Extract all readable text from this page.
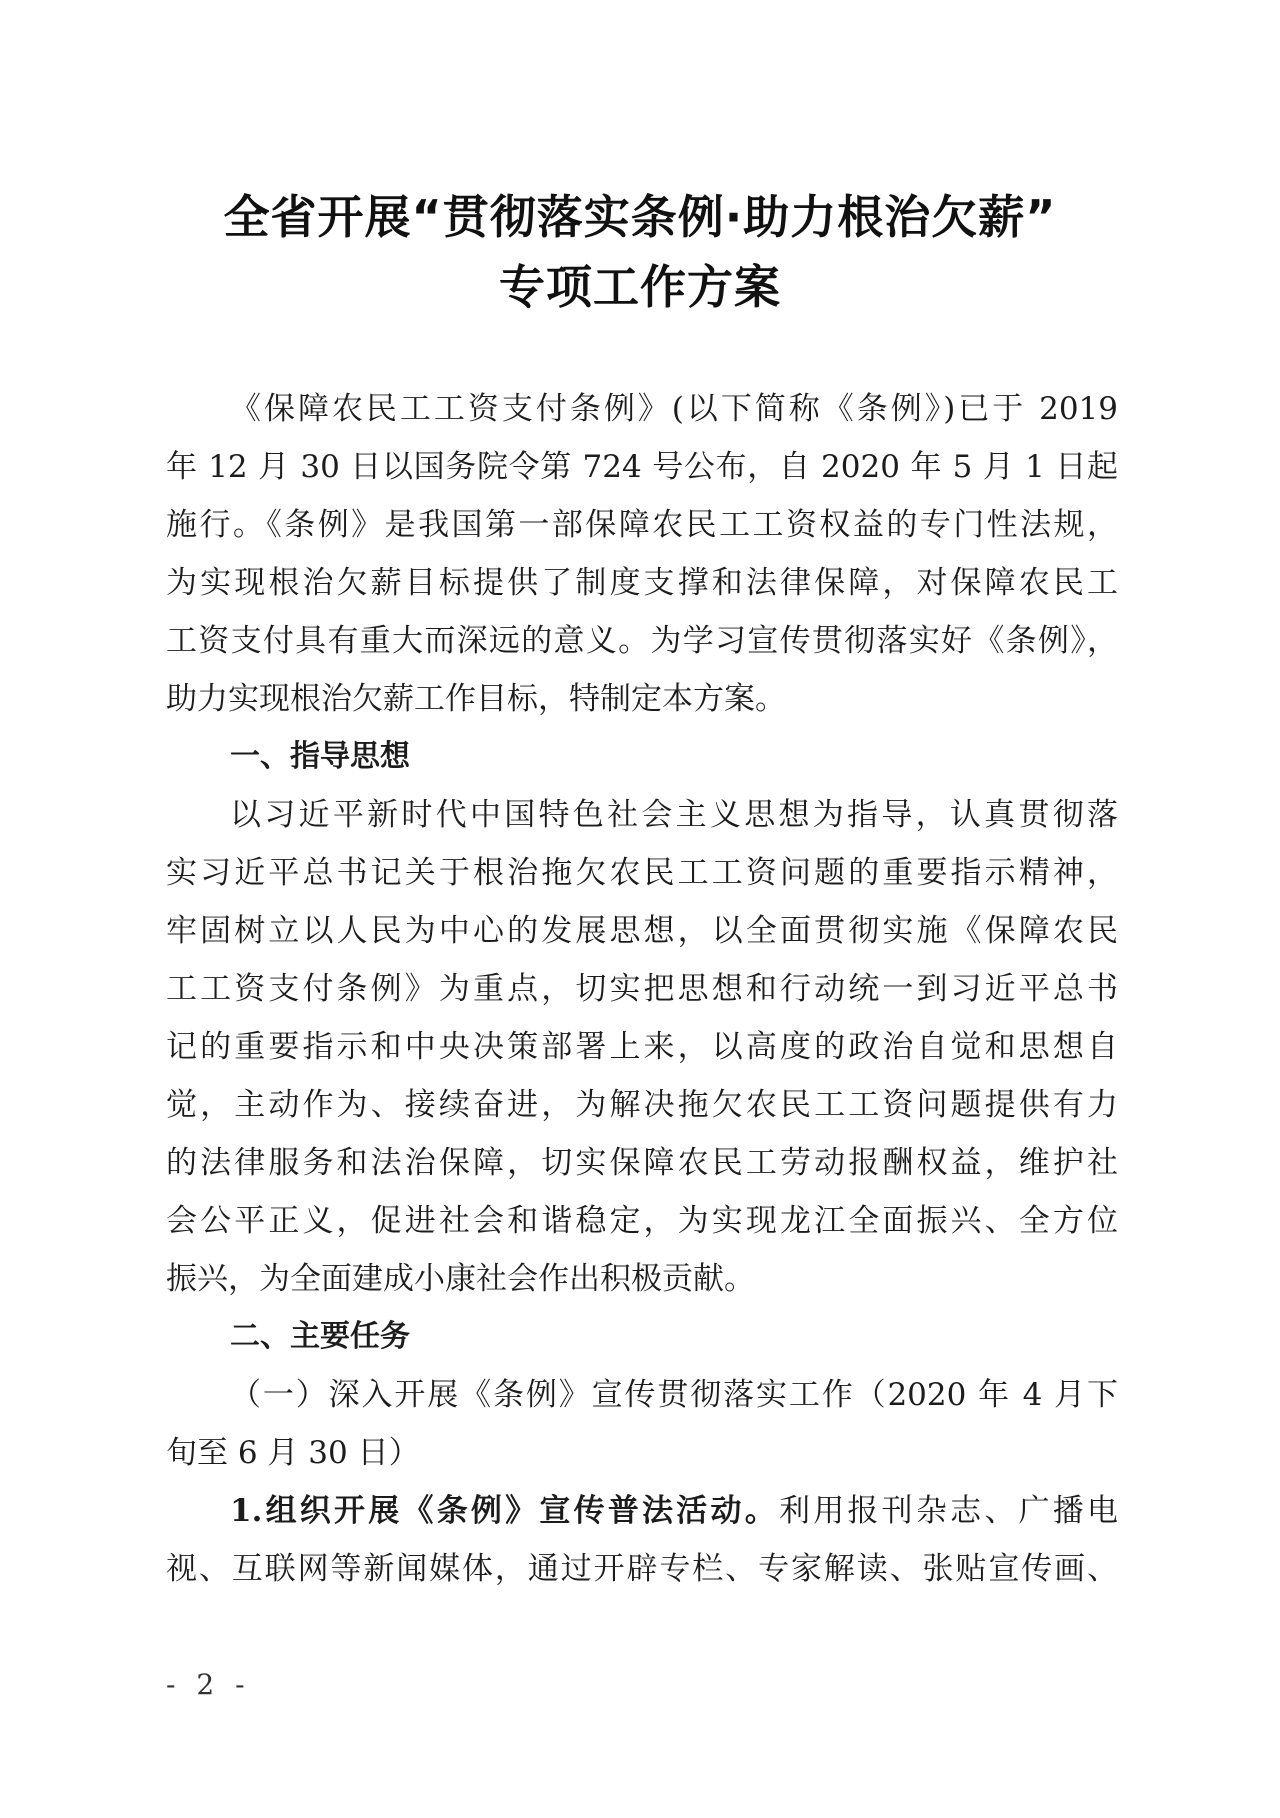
全省开展“贯彻落实条例·助力根治欠薪”
专项工作方案
《保障农民工工资支付条例》(以下简称《条例》)已于 2019
年 12 月 30 日以国务院令第 724 号公布，自 2020 年 5 月 1 日起
施行。《条例》是我国第一部保障农民工工资权益的专门性法规，
为实现根治欠薪目标提供了制度支撑和法律保障，对保障农民工
工资支付具有重大而深远的意义。为学习宣传贯彻落实好《条例》，
助力实现根治欠薪工作目标，特制定本方案。
一、指导思想
以习近平新时代中国特色社会主义思想为指导，认真贯彻落
实习近平总书记关于根治拖欠农民工工资问题的重要指示精神，
牢固树立以人民为中心的发展思想，以全面贯彻实施《保障农民
工工资支付条例》为重点，切实把思想和行动统一到习近平总书
记的重要指示和中央决策部署上来，以高度的政治自觉和思想自
觉，主动作为、接续奋进，为解决拖欠农民工工资问题提供有力
的法律服务和法治保障，切实保障农民工劳动报酬权益，维护社
会公平正义，促进社会和谐稳定，为实现龙江全面振兴、全方位
振兴，为全面建成小康社会作出积极贡献。
二、主要任务
（一）深入开展《条例》宣传贯彻落实工作（2020 年 4 月下
旬至 6 月 30 日）
1.组织开展《条例》宣传普法活动。利用报刊杂志、广播电
视、互联网等新闻媒体，通过开辟专栏、专家解读、张贴宣传画、
- 2 -
